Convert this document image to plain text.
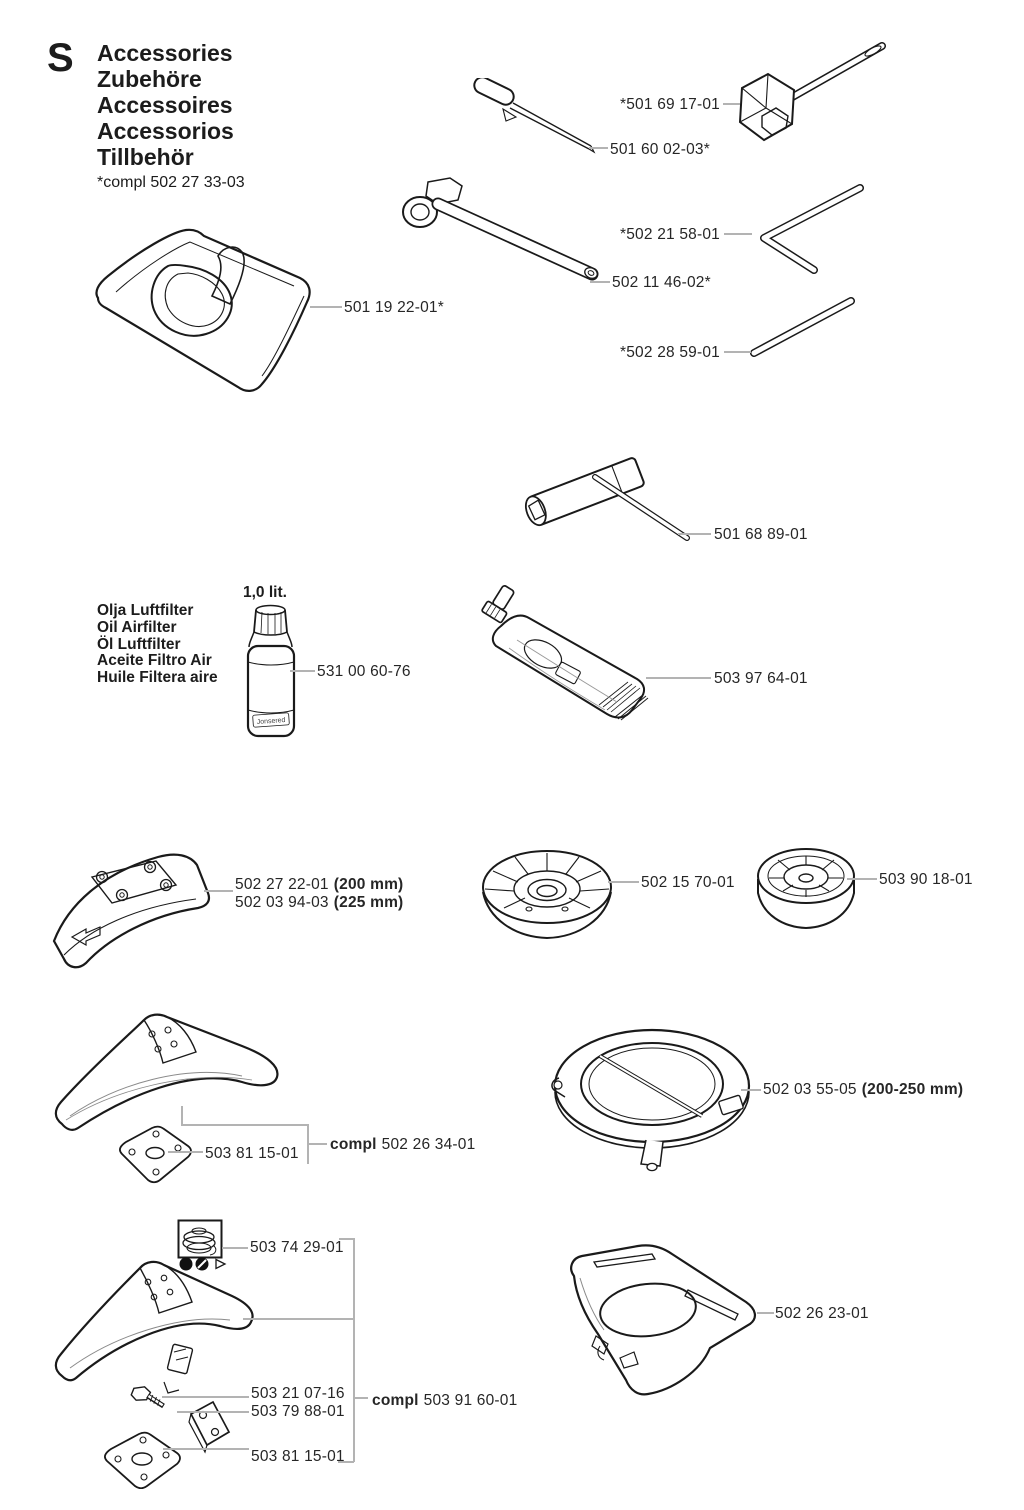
S Accessories
Zubehöre
Accessoires
Accessorios
Tillbehör
*compl 502 27 33-03
Jonsered
*501 69 17-01
501 60 02-03*
*502 21 58-01
502 11 46-02*
*502 28 59-01
501 19 22-01*
501 68 89-01
1,0 lit.
Olja Luftfilter
Oil Airfilter
Öl Luftfilter
Aceite Filtro Air
Huile Filtera aire	531 00 60-76	503 97 64-01
502 27 22-01 (200 mm)
502 03 94-03 (225 mm)
502 15 70-01	503 90 18-01
503 81 15-01
compl 502 26 34-01
502 03 55-05 (200-250 mm)
503 74 29-01
502 26 23-01
503 21 07-16
503 79 88-01
compl 503 91 60-01
503 81 15-01
